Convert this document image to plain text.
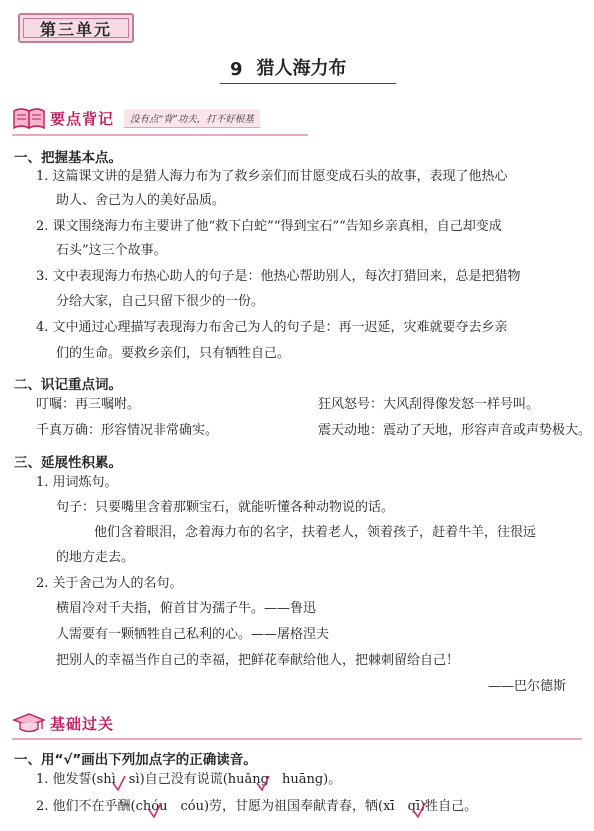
第三单元
9 猎人海力布
要点背记	没有点“背”功夫，打不好根基
一、把握基本点。
1. 这篇课文讲的是猎人海力布为了救乡亲们而甘愿变成石头的故事，表现了他热心
助人、舍己为人的美好品质。
2. 课文围绕海力布主要讲了他“救下白蛇”“得到宝石”“告知乡亲真相，自己却变成
石头”这三个故事。
3. 文中表现海力布热心助人的句子是：他热心帮助别人，每次打猎回来，总是把猎物
分给大家，自己只留下很少的一份。
4. 文中通过心理描写表现海力布舍己为人的句子是：再一迟延，灾难就要夺去乡亲
们的生命。要救乡亲们，只有牺牲自己。
二、识记重点词。
叮嘱：再三嘱咐。	狂风怒号：大风刮得像发怒一样号叫。
千真万确：形容情况非常确实。	震天动地：震动了天地，形容声音或声势极大。
三、延展性积累。
1. 用词炼句。
句子：只要嘴里含着那颗宝石，就能听懂各种动物说的话。
他们含着眼泪，念着海力布的名字，扶着老人，领着孩子，赶着牛羊，往很远
的地方走去。
2. 关于舍己为人的名句。
横眉冷对千夫指，俯首甘为孺子牛。——鲁迅
人需要有一颗牺牲自己私利的心。——屠格涅夫
把别人的幸福当作自己的幸福，把鲜花奉献给他人，把棘刺留给自己！
——巴尔德斯
基础过关
一、用“√”画出下列加点字的正确读音。
1. 他发誓(shì　sì)自己没有说谎(huǎng　huāng)。
2. 他们不在乎酬(chóu　cóu)劳，甘愿为祖国奉献青春，牺(xī　qī)牲自己。
